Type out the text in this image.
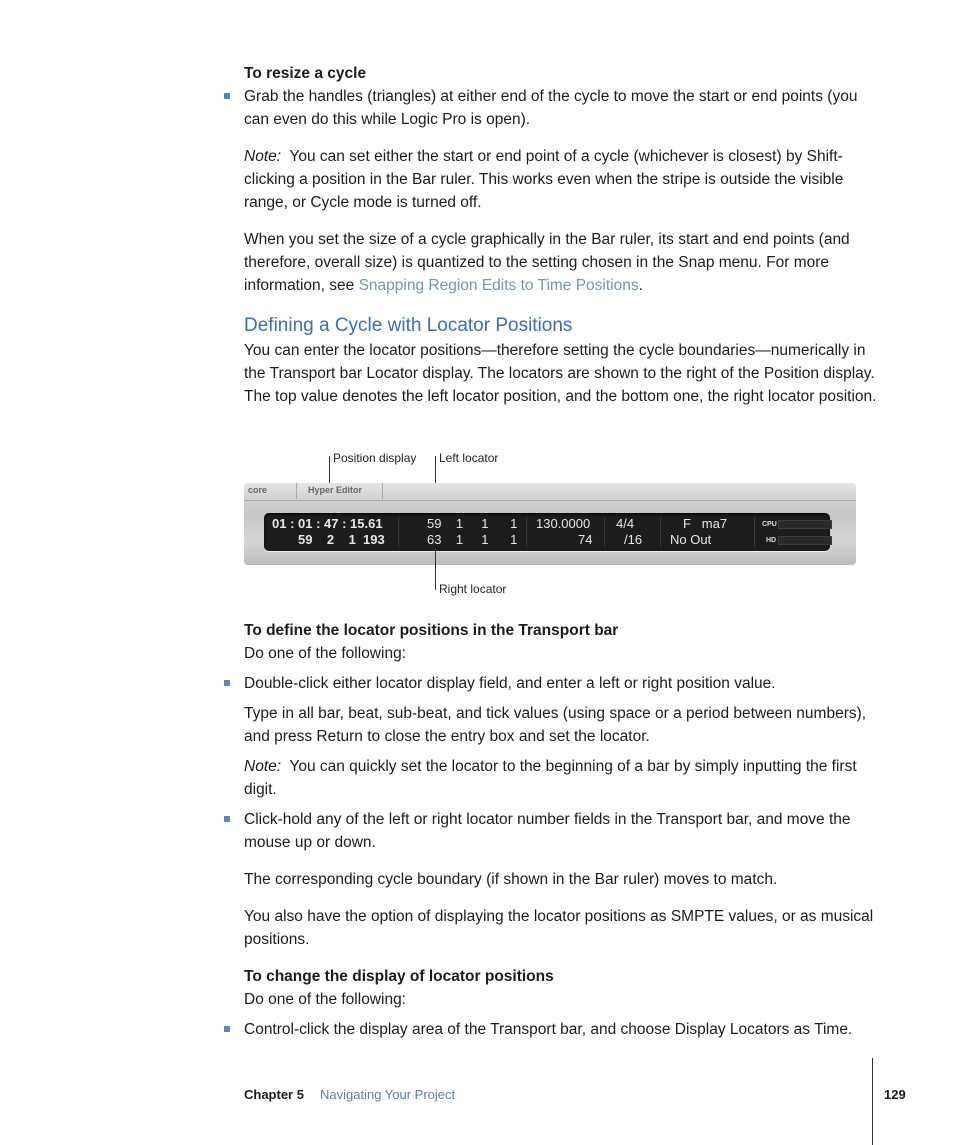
To resize a cycle
Grab the handles (triangles) at either end of the cycle to move the start or end points (you can even do this while Logic Pro is open).
Note: You can set either the start or end point of a cycle (whichever is closest) by Shift-clicking a position in the Bar ruler. This works even when the stripe is outside the visible range, or Cycle mode is turned off.
When you set the size of a cycle graphically in the Bar ruler, its start and end points (and therefore, overall size) is quantized to the setting chosen in the Snap menu. For more information, see Snapping Region Edits to Time Positions.
Defining a Cycle with Locator Positions
You can enter the locator positions—therefore setting the cycle boundaries—numerically in the Transport bar Locator display. The locators are shown to the right of the Position display. The top value denotes the left locator position, and the bottom one, the right locator position.
Position display Left locator
core	Hyper Editor
01 : 01 : 47 : 15.61
59    2    1  193
59    1     1      1
63    1     1      1
130.0000
74
4/4
/16
F   ma7
No Out
CPU
HD
Right locator
To define the locator positions in the Transport bar
Do one of the following:
Double-click either locator display field, and enter a left or right position value.
Type in all bar, beat, sub-beat, and tick values (using space or a period between numbers), and press Return to close the entry box and set the locator.
Note: You can quickly set the locator to the beginning of a bar by simply inputting the first digit.
Click-hold any of the left or right locator number fields in the Transport bar, and move the mouse up or down.
The corresponding cycle boundary (if shown in the Bar ruler) moves to match.
You also have the option of displaying the locator positions as SMPTE values, or as musical positions.
To change the display of locator positions
Do one of the following:
Control-click the display area of the Transport bar, and choose Display Locators as Time.
Chapter 5 Navigating Your Project	129
